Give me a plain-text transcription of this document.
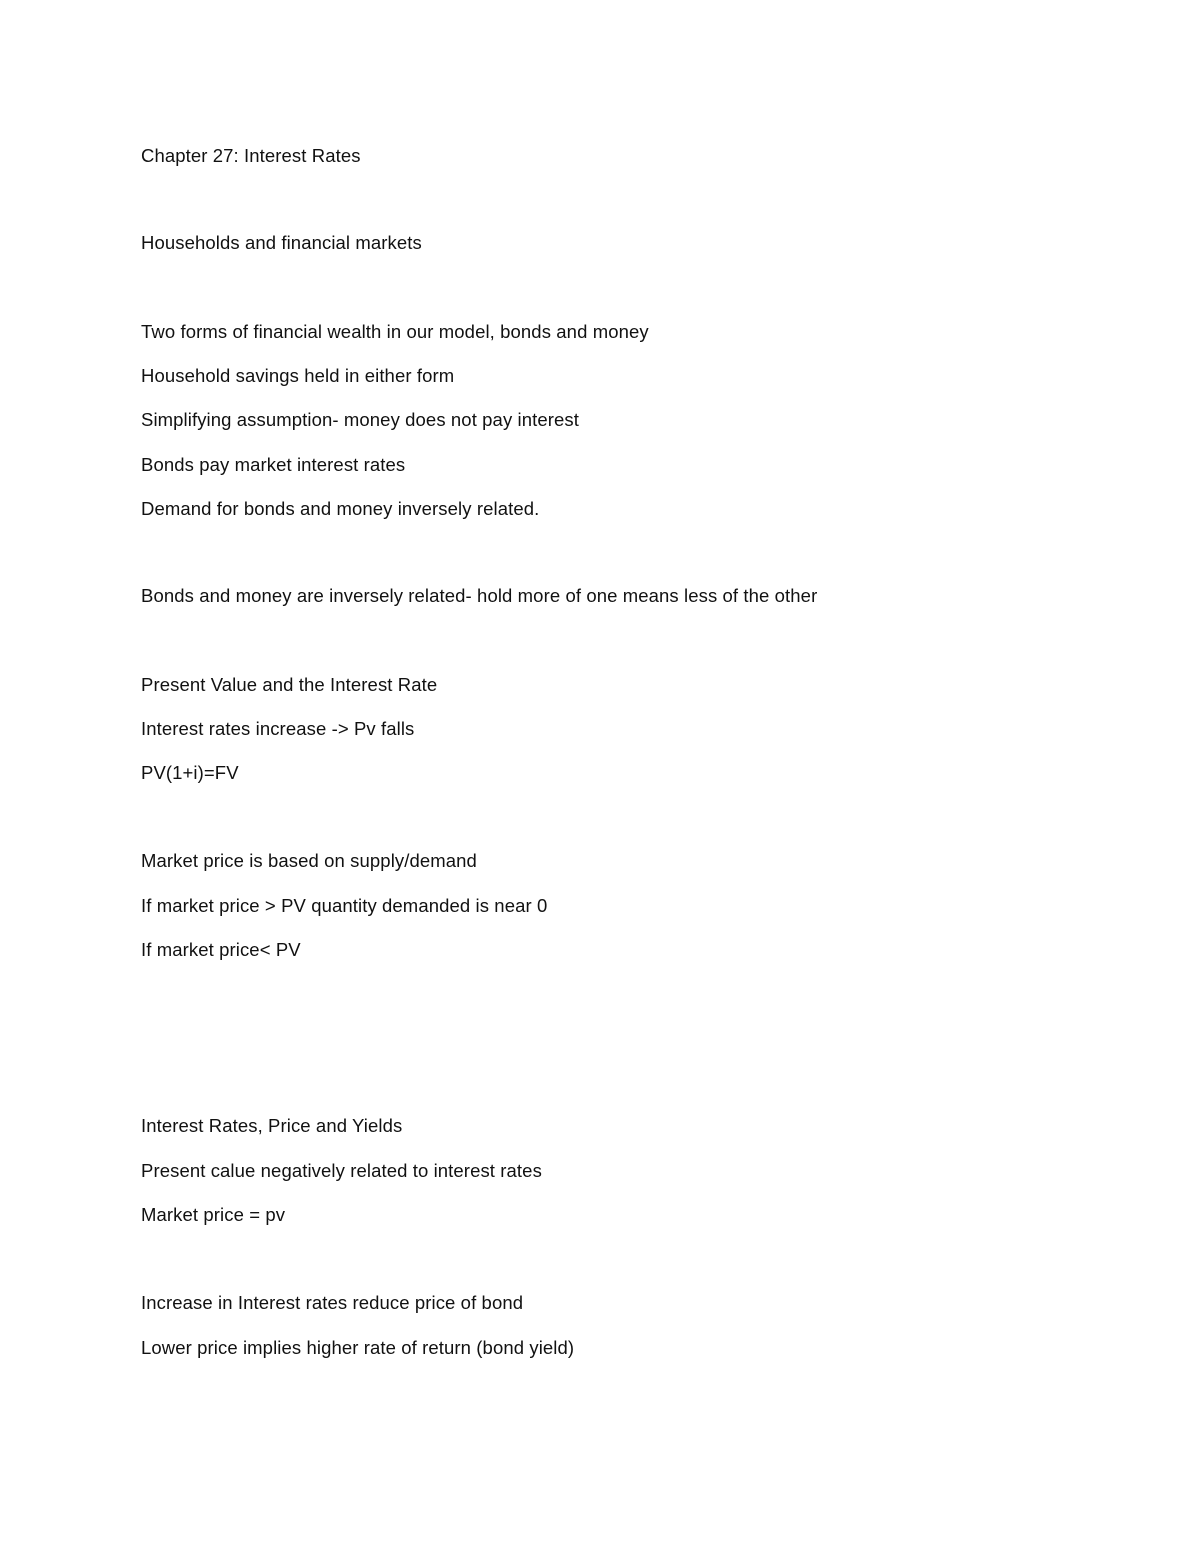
Chapter 27: Interest Rates
Households and financial markets
Two forms of financial wealth in our model, bonds and money
Household savings held in either form
Simplifying assumption- money does not pay interest
Bonds pay market interest rates
Demand for bonds and money inversely related.
Bonds and money are inversely related- hold more of one means less of the other
Present Value and the Interest Rate
Interest rates increase -> Pv falls
PV(1+i)=FV
Market price is based on supply/demand
If market price > PV quantity demanded is near 0
If market price< PV
Interest Rates, Price and Yields
Present calue negatively related to interest rates
Market price = pv
Increase in Interest rates reduce price of bond
Lower price implies higher rate of return (bond yield)
